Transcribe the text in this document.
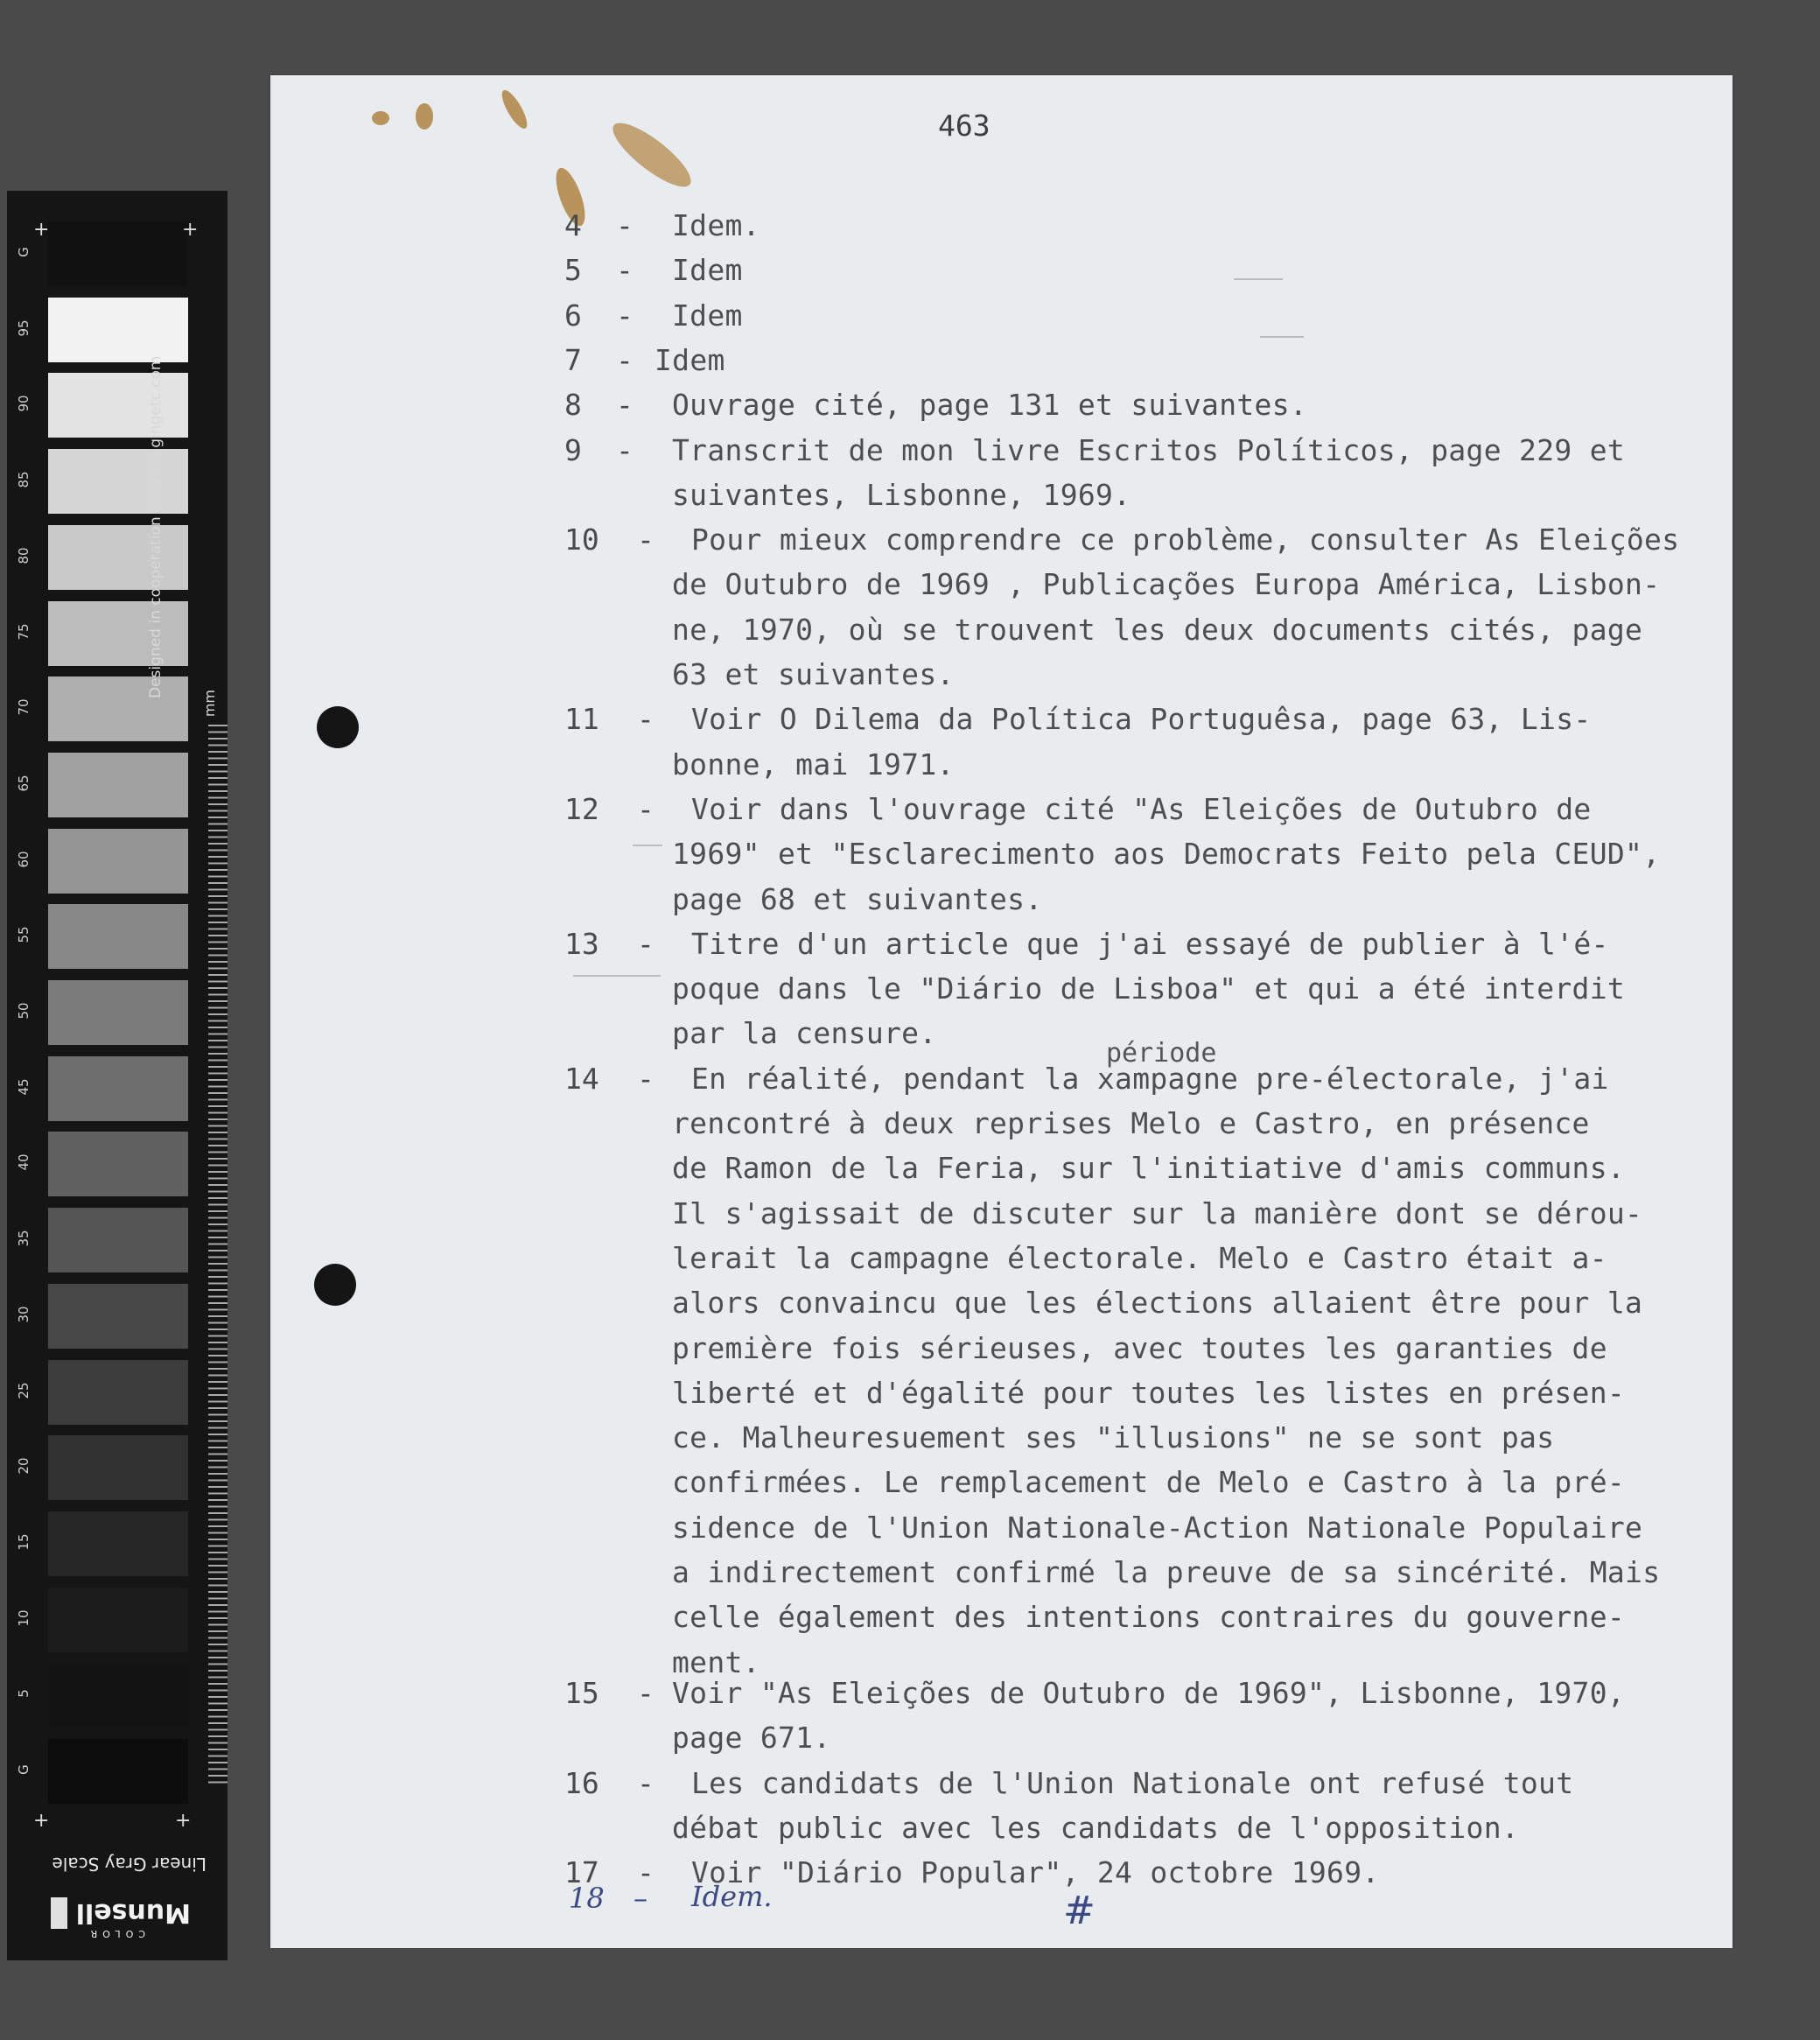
G
95
90
85
80
75
70
65
60
55
50
45
40
35
30
25
20
15
10
5
G
+	+
+	+
Designed in cooperation with imagingetc.com
mm
Linear Gray Scale
Munsell
COLOR
463
4 - Idem.
5 - Idem
6 - Idem
7 - Idem
8 - Ouvrage cité, page 131 et suivantes.
9 - Transcrit de mon livre Escritos Políticos, page 229 et
suivantes, Lisbonne, 1969.
10 - Pour mieux comprendre ce problème, consulter As Eleições
de Outubro de 1969 , Publicações Europa América, Lisbon-
ne, 1970, où se trouvent les deux documents cités, page
63 et suivantes.
11 - Voir O Dilema da Política Portuguêsa, page 63, Lis-
bonne, mai 1971.
12 - Voir dans l'ouvrage cité "As Eleições de Outubro de
1969" et "Esclarecimento aos Democrats Feito pela CEUD",
page 68 et suivantes.
13 - Titre d'un article que j'ai essayé de publier à l'é-
poque dans le "Diário de Lisboa" et qui a été interdit
par la censure.
14 - En réalité, pendant la xampagne pre-électorale, j'ai
rencontré à deux reprises Melo e Castro, en présence
de Ramon de la Feria, sur l'initiative d'amis communs.
Il s'agissait de discuter sur la manière dont se dérou-
lerait la campagne électorale. Melo e Castro était a-
alors convaincu que les élections allaient être pour la
première fois sérieuses, avec toutes les garanties de
liberté et d'égalité pour toutes les listes en présen-
ce. Malheuresuement ses "illusions" ne se sont pas
confirmées. Le remplacement de Melo e Castro à la pré-
sidence de l'Union Nationale-Action Nationale Populaire
a indirectement confirmé la preuve de sa sincérité. Mais
celle également des intentions contraires du gouverne-
ment.
15 - Voir "As Eleições de Outubro de 1969", Lisbonne, 1970,
page 671.
16 - Les candidats de l'Union Nationale ont refusé tout
débat public avec les candidats de l'opposition.
17 - Voir "Diário Popular", 24 octobre 1969.
période
18 – Idem.	#
